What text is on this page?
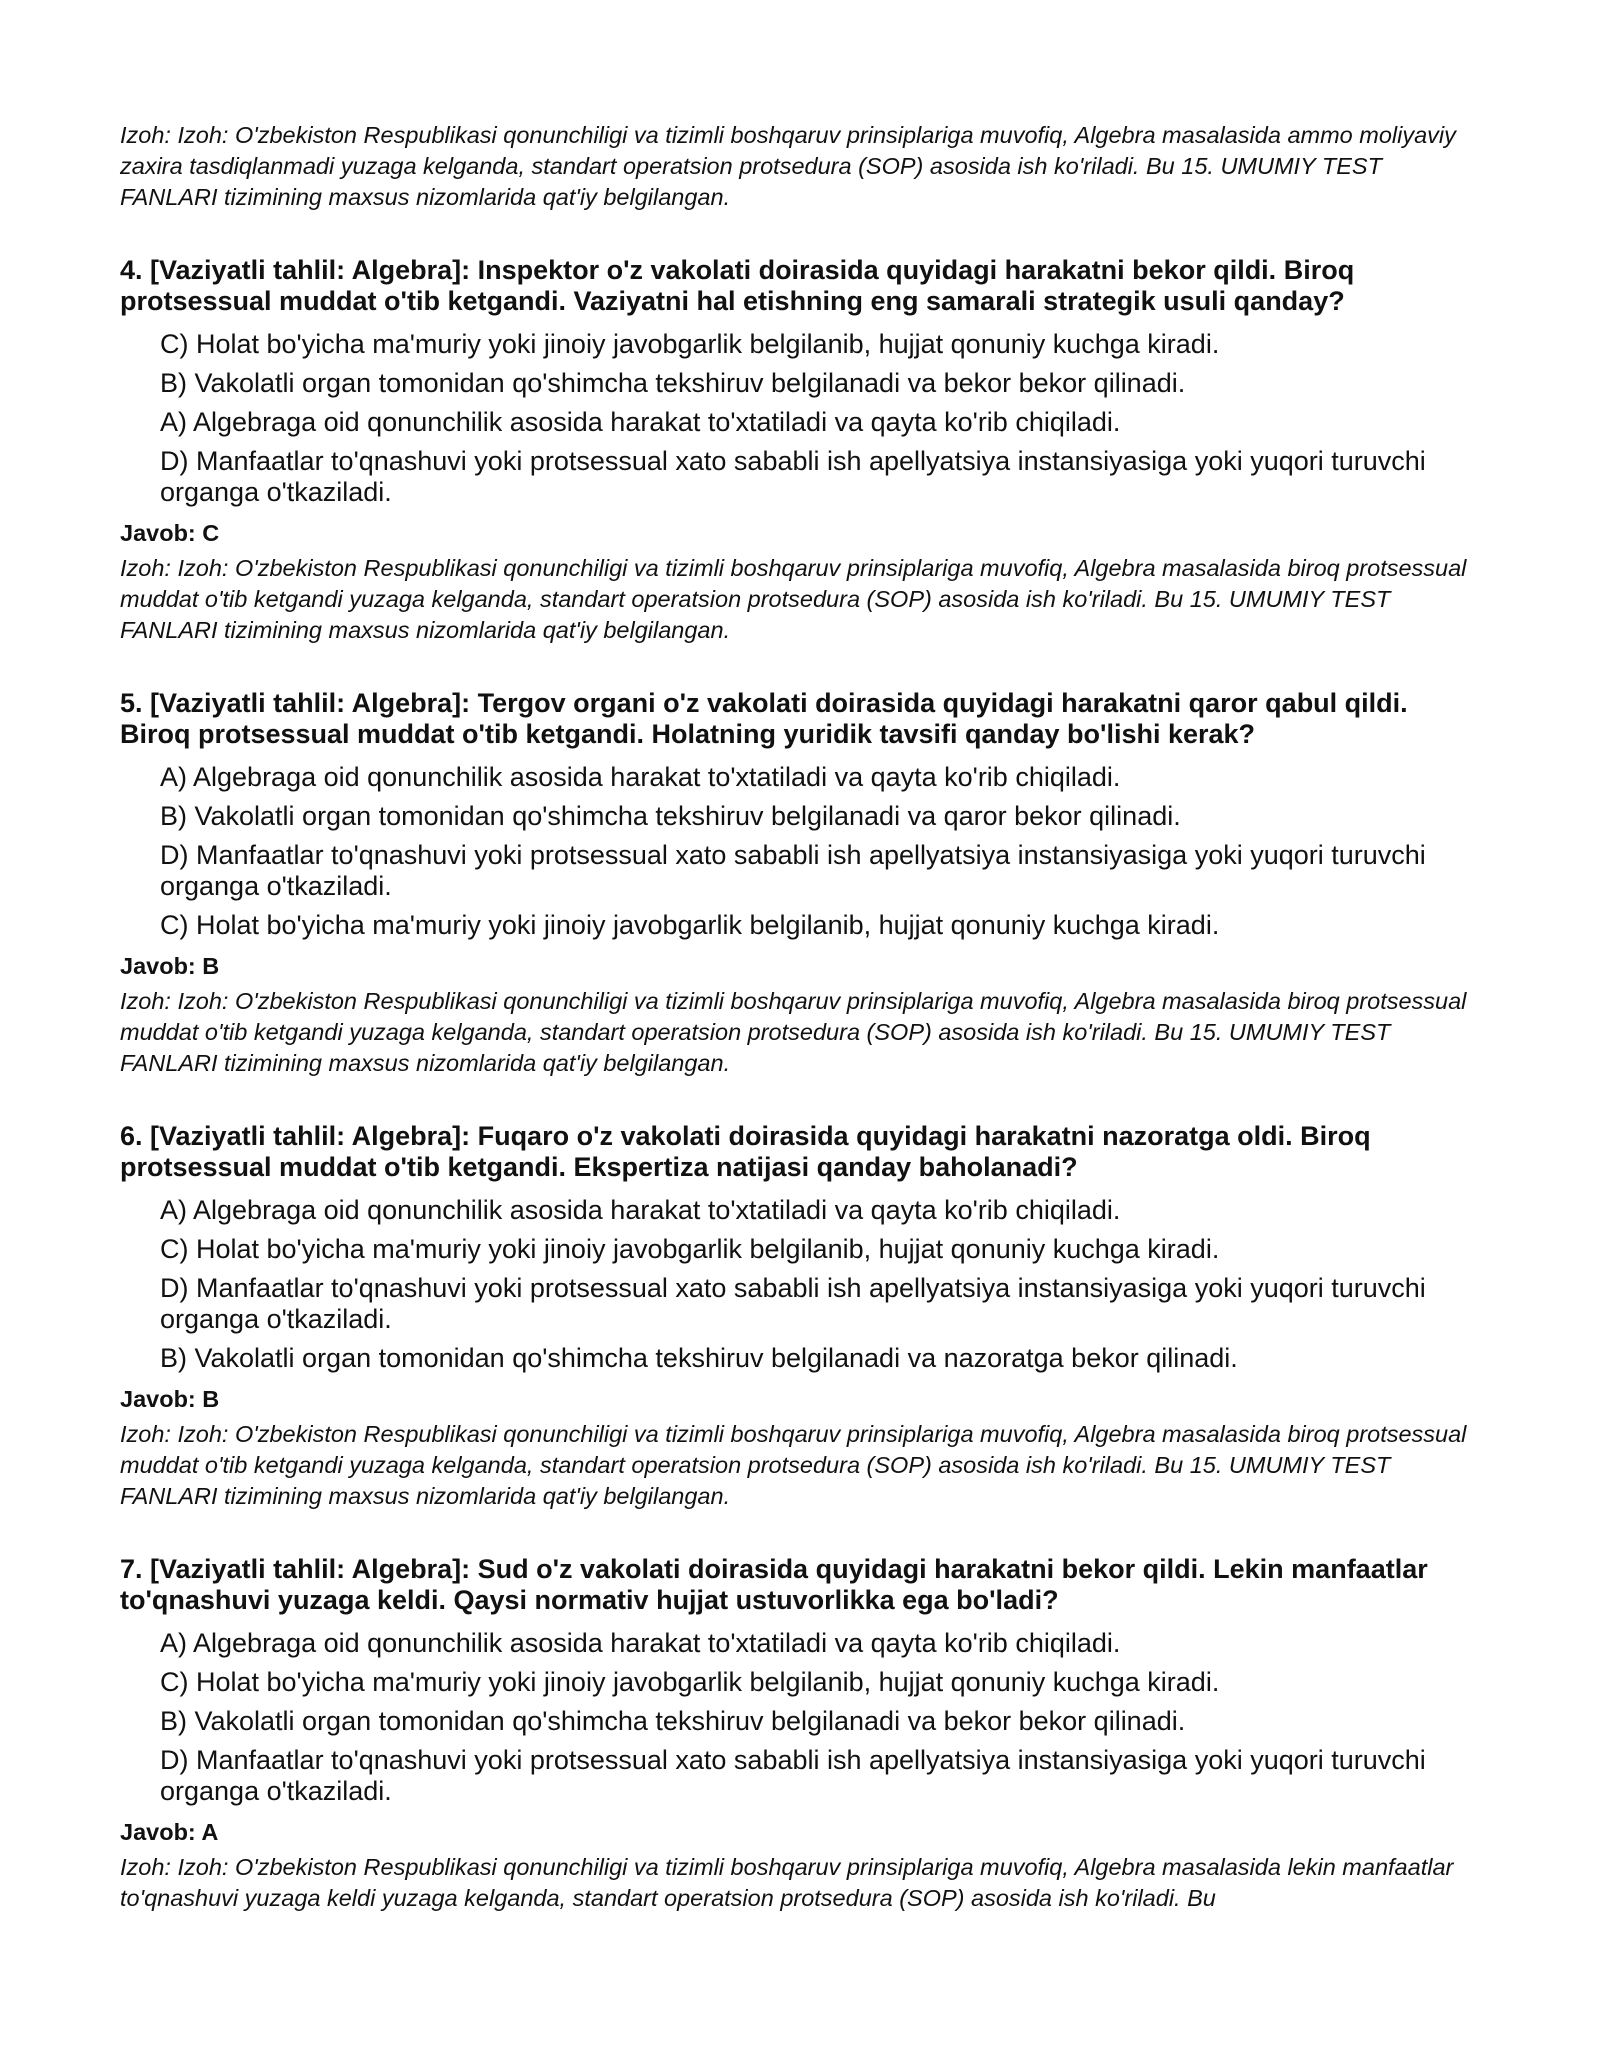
Izoh: Izoh: O'zbekiston Respublikasi qonunchiligi va tizimli boshqaruv prinsiplariga muvofiq, Algebra masalasida ammo moliyaviy zaxira tasdiqlanmadi yuzaga kelganda, standart operatsion protsedura (SOP) asosida ish ko'riladi. Bu 15. UMUMIY TEST FANLARI tizimining maxsus nizomlarida qat'iy belgilangan.

4. [Vaziyatli tahlil: Algebra]: Inspektor o'z vakolati doirasida quyidagi harakatni bekor qildi. Biroq protsessual muddat o'tib ketgandi. Vaziyatni hal etishning eng samarali strategik usuli qanday?

C) Holat bo'yicha ma'muriy yoki jinoiy javobgarlik belgilanib, hujjat qonuniy kuchga kiradi.
B) Vakolatli organ tomonidan qo'shimcha tekshiruv belgilanadi va bekor bekor qilinadi.
A) Algebraga oid qonunchilik asosida harakat to'xtatiladi va qayta ko'rib chiqiladi.
D) Manfaatlar to'qnashuvi yoki protsessual xato sababli ish apellyatsiya instansiyasiga yoki yuqori turuvchi organga o'tkaziladi.

Javob: C

Izoh: Izoh: O'zbekiston Respublikasi qonunchiligi va tizimli boshqaruv prinsiplariga muvofiq, Algebra masalasida biroq protsessual muddat o'tib ketgandi yuzaga kelganda, standart operatsion protsedura (SOP) asosida ish ko'riladi. Bu 15. UMUMIY TEST FANLARI tizimining maxsus nizomlarida qat'iy belgilangan.

5. [Vaziyatli tahlil: Algebra]: Tergov organi o'z vakolati doirasida quyidagi harakatni qaror qabul qildi. Biroq protsessual muddat o'tib ketgandi. Holatning yuridik tavsifi qanday bo'lishi kerak?

A) Algebraga oid qonunchilik asosida harakat to'xtatiladi va qayta ko'rib chiqiladi.
B) Vakolatli organ tomonidan qo'shimcha tekshiruv belgilanadi va qaror bekor qilinadi.
D) Manfaatlar to'qnashuvi yoki protsessual xato sababli ish apellyatsiya instansiyasiga yoki yuqori turuvchi organga o'tkaziladi.
C) Holat bo'yicha ma'muriy yoki jinoiy javobgarlik belgilanib, hujjat qonuniy kuchga kiradi.

Javob: B

Izoh: Izoh: O'zbekiston Respublikasi qonunchiligi va tizimli boshqaruv prinsiplariga muvofiq, Algebra masalasida biroq protsessual muddat o'tib ketgandi yuzaga kelganda, standart operatsion protsedura (SOP) asosida ish ko'riladi. Bu 15. UMUMIY TEST FANLARI tizimining maxsus nizomlarida qat'iy belgilangan.

6. [Vaziyatli tahlil: Algebra]: Fuqaro o'z vakolati doirasida quyidagi harakatni nazoratga oldi. Biroq protsessual muddat o'tib ketgandi. Ekspertiza natijasi qanday baholanadi?

A) Algebraga oid qonunchilik asosida harakat to'xtatiladi va qayta ko'rib chiqiladi.
C) Holat bo'yicha ma'muriy yoki jinoiy javobgarlik belgilanib, hujjat qonuniy kuchga kiradi.
D) Manfaatlar to'qnashuvi yoki protsessual xato sababli ish apellyatsiya instansiyasiga yoki yuqori turuvchi organga o'tkaziladi.
B) Vakolatli organ tomonidan qo'shimcha tekshiruv belgilanadi va nazoratga bekor qilinadi.

Javob: B

Izoh: Izoh: O'zbekiston Respublikasi qonunchiligi va tizimli boshqaruv prinsiplariga muvofiq, Algebra masalasida biroq protsessual muddat o'tib ketgandi yuzaga kelganda, standart operatsion protsedura (SOP) asosida ish ko'riladi. Bu 15. UMUMIY TEST FANLARI tizimining maxsus nizomlarida qat'iy belgilangan.

7. [Vaziyatli tahlil: Algebra]: Sud o'z vakolati doirasida quyidagi harakatni bekor qildi. Lekin manfaatlar to'qnashuvi yuzaga keldi. Qaysi normativ hujjat ustuvorlikka ega bo'ladi?

A) Algebraga oid qonunchilik asosida harakat to'xtatiladi va qayta ko'rib chiqiladi.
C) Holat bo'yicha ma'muriy yoki jinoiy javobgarlik belgilanib, hujjat qonuniy kuchga kiradi.
B) Vakolatli organ tomonidan qo'shimcha tekshiruv belgilanadi va bekor bekor qilinadi.
D) Manfaatlar to'qnashuvi yoki protsessual xato sababli ish apellyatsiya instansiyasiga yoki yuqori turuvchi organga o'tkaziladi.

Javob: A

Izoh: Izoh: O'zbekiston Respublikasi qonunchiligi va tizimli boshqaruv prinsiplariga muvofiq, Algebra masalasida lekin manfaatlar to'qnashuvi yuzaga keldi yuzaga kelganda, standart operatsion protsedura (SOP) asosida ish ko'riladi. Bu
